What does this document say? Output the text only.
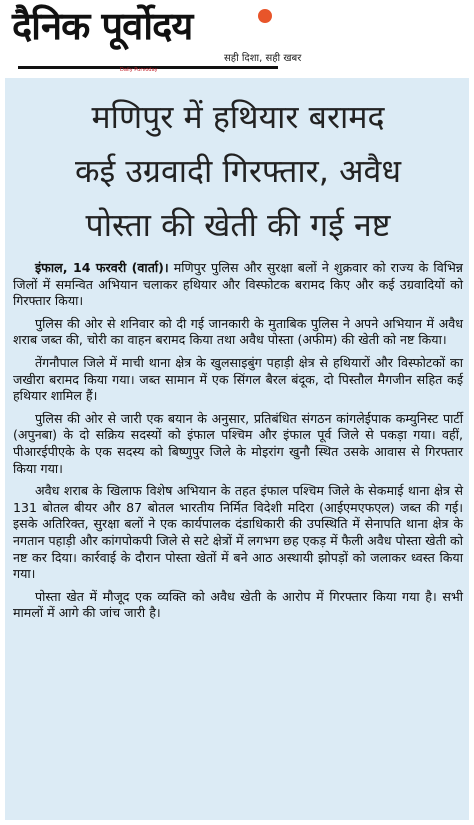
दैनिक पूर्वोदय
सही दिशा, सही खबर
Daily Purvoday
मणिपुर में हथियार बरामद
कई उग्रवादी गिरफ्तार, अवैध
पोस्ता की खेती की गई नष्ट

इंफाल, 14 फरवरी (वार्ता)। मणिपुर पुलिस और सुरक्षा बलों ने शुक्रवार को राज्य के विभिन्न जिलों में समन्वित अभियान चलाकर हथियार और विस्फोटक बरामद किए और कई उग्रवादियों को गिरफ्तार किया।

पुलिस की ओर से शनिवार को दी गई जानकारी के मुताबिक पुलिस ने अपने अभियान में अवैध शराब जब्त की, चोरी का वाहन बरामद किया तथा अवैध पोस्ता (अफीम) की खेती को नष्ट किया।

तेंगनौपाल जिले में माची थाना क्षेत्र के खुलसाइबुंग पहाड़ी क्षेत्र से हथियारों और विस्फोटकों का जखीरा बरामद किया गया। जब्त सामान में एक सिंगल बैरल बंदूक, दो पिस्तौल मैगजीन सहित कई हथियार शामिल हैं।

पुलिस की ओर से जारी एक बयान के अनुसार, प्रतिबंधित संगठन कांगलेईपाक कम्युनिस्ट पार्टी (अपुनबा) के दो सक्रिय सदस्यों को इंफाल पश्चिम और इंफाल पूर्व जिले से पकड़ा गया। वहीं, पीआरईपीएके के एक सदस्य को बिष्णुपुर जिले के मोइरांग खुनौ स्थित उसके आवास से गिरफ्तार किया गया।

अवैध शराब के खिलाफ विशेष अभियान के तहत इंफाल पश्चिम जिले के सेकमाई थाना क्षेत्र से 131 बोतल बीयर और 87 बोतल भारतीय निर्मित विदेशी मदिरा (आईएमएफएल) जब्त की गई। इसके अतिरिक्त, सुरक्षा बलों ने एक कार्यपालक दंडाधिकारी की उपस्थिति में सेनापति थाना क्षेत्र के नगतान पहाड़ी और कांगपोकपी जिले से सटे क्षेत्रों में लगभग छह एकड़ में फैली अवैध पोस्ता खेती को नष्ट कर दिया। कार्रवाई के दौरान पोस्ता खेतों में बने आठ अस्थायी झोपड़ों को जलाकर ध्वस्त किया गया।

पोस्ता खेत में मौजूद एक व्यक्ति को अवैध खेती के आरोप में गिरफ्तार किया गया है। सभी मामलों में आगे की जांच जारी है।
